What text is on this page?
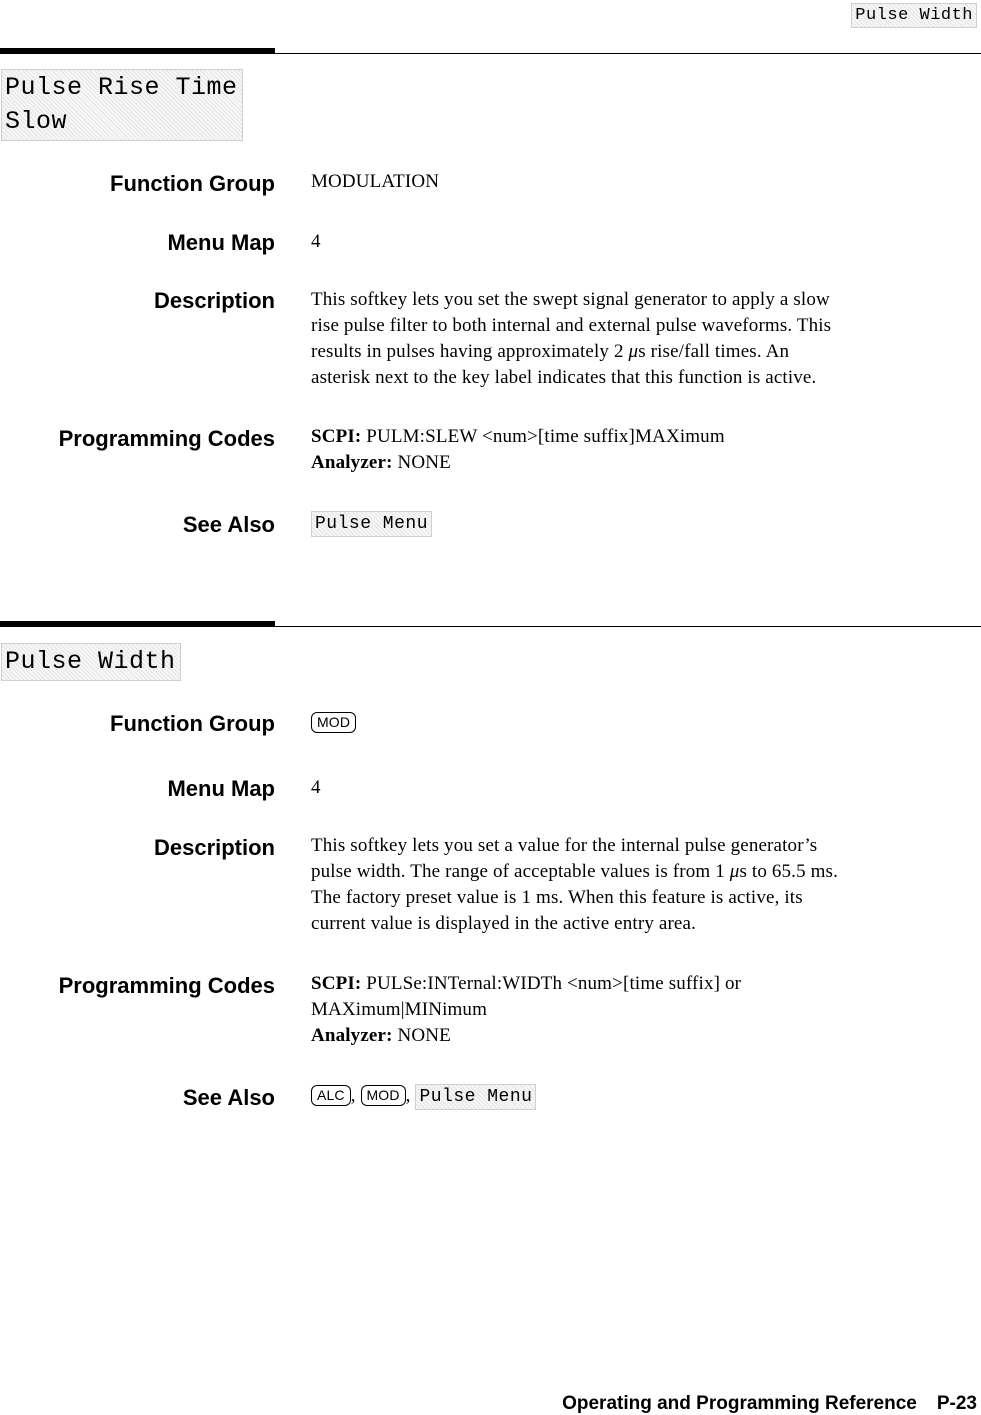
Pulse Width
Pulse Rise Time
Slow
Function Group MODULATION
Menu Map 4
Description This softkey lets you set the swept signal generator to apply a slow
rise pulse filter to both internal and external pulse waveforms. This
results in pulses having approximately 2 μs rise/fall times. An
asterisk next to the key label indicates that this function is active.
Programming Codes SCPI: PULM:SLEW <num>[time suffix]MAXimum
Analyzer: NONE
See Also Pulse Menu
Pulse Width
Function Group	MOD
Menu Map 4
Description This softkey lets you set a value for the internal pulse generator’s
pulse width. The range of acceptable values is from 1 μs to 65.5 ms.
The factory preset value is 1 ms. When this feature is active, its
current value is displayed in the active entry area.
Programming Codes SCPI: PULSe:INTernal:WIDTh <num>[time suffix] or
MAXimum|MINimum
Analyzer: NONE
See Also	ALC , MOD , Pulse Menu
Operating and Programming Reference P-23
